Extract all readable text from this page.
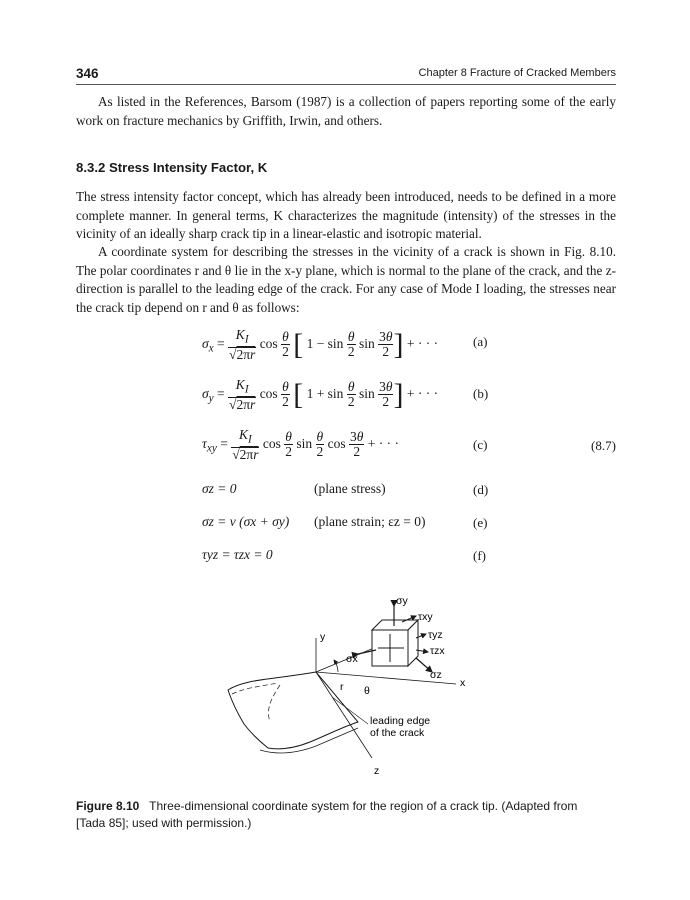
346	Chapter 8 Fracture of Cracked Members

As listed in the References, Barsom (1987) is a collection of papers reporting some of the early work on fracture mechanics by Griffith, Irwin, and others.

8.3.2 Stress Intensity Factor, K

The stress intensity factor concept, which has already been introduced, needs to be defined in a more complete manner. In general terms, K characterizes the magnitude (intensity) of the stresses in the vicinity of an ideally sharp crack tip in a linear-elastic and isotropic material.

A coordinate system for describing the stresses in the vicinity of a crack is shown in Fig. 8.10. The polar coordinates r and θ lie in the x-y plane, which is normal to the plane of the crack, and the z-direction is parallel to the leading edge of the crack. For any case of Mode I loading, the stresses near the crack tip depend on r and θ as follows:

$\sigma_x = \frac{K_I}{√2\pi r}$ $\cos \frac{\theta}{2}$ [ $1 - \sin \frac{\theta}{2}$ $\sin \frac{3\theta}{2}$ ] + · · ·	(a)
$\sigma_y = \frac{K_I}{√2\pi r}$ $\cos \frac{\theta}{2}$ [ $1 + \sin \frac{\theta}{2}$ $\sin \frac{3\theta}{2}$ ] + · · ·	(b)
$\tau_{xy} = \frac{K_I}{√2\pi r}$ $\cos \frac{\theta}{2}$ $\sin \frac{\theta}{2}$ $\cos \frac{3\theta}{2}$ + · · ·	(c)	(8.7)
σz = 0	(plane stress)	(d)
σz = ν (σx + σy) (plane strain; εz = 0)	(e)
τyz = τzx = 0	(f)
σy
τxy
τyz
τzx
σz
σx
x
y
z
r θ
leading edge
of the crack
Figure 8.10 Three-dimensional coordinate system for the region of a crack tip. (Adapted from [Tada 85]; used with permission.)
